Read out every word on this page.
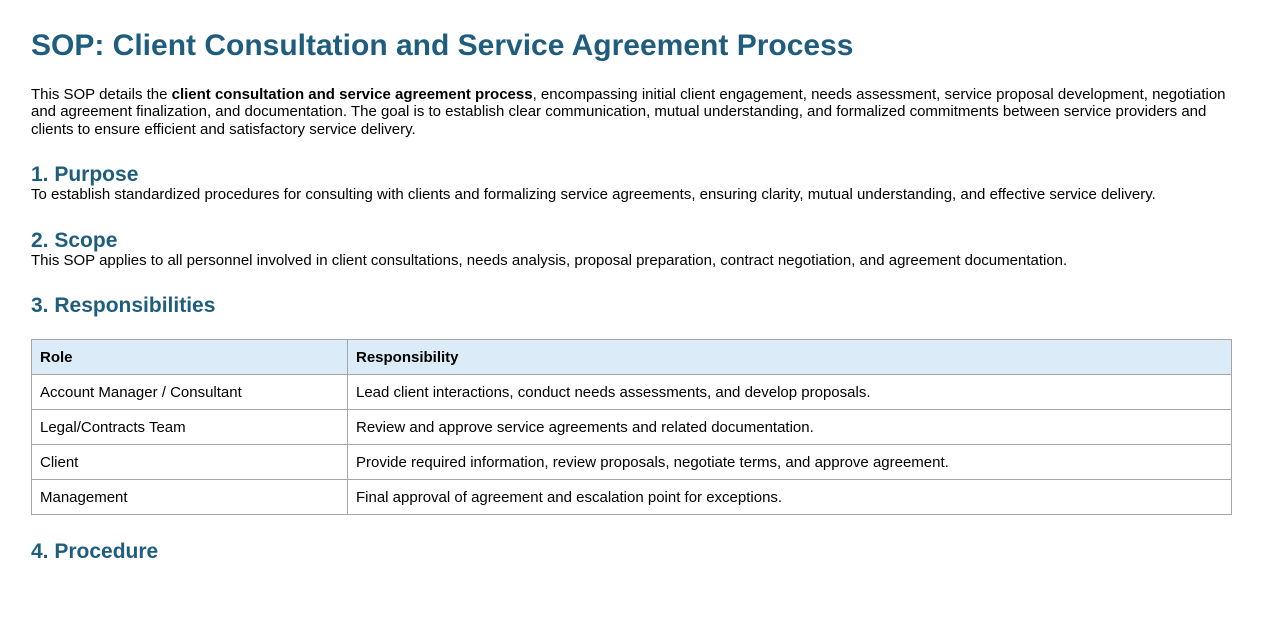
SOP: Client Consultation and Service Agreement Process

This SOP details the client consultation and service agreement process, encompassing initial client engagement, needs assessment, service proposal development, negotiation and agreement finalization, and documentation. The goal is to establish clear communication, mutual understanding, and formalized commitments between service providers and clients to ensure efficient and satisfactory service delivery.

1. Purpose

To establish standardized procedures for consulting with clients and formalizing service agreements, ensuring clarity, mutual understanding, and effective service delivery.

2. Scope

This SOP applies to all personnel involved in client consultations, needs analysis, proposal preparation, contract negotiation, and agreement documentation.

3. Responsibilities
Role	Responsibility
Account Manager / Consultant	Lead client interactions, conduct needs assessments, and develop proposals.
Legal/Contracts Team	Review and approve service agreements and related documentation.
Client	Provide required information, review proposals, negotiate terms, and approve agreement.
Management	Final approval of agreement and escalation point for exceptions.
4. Procedure
